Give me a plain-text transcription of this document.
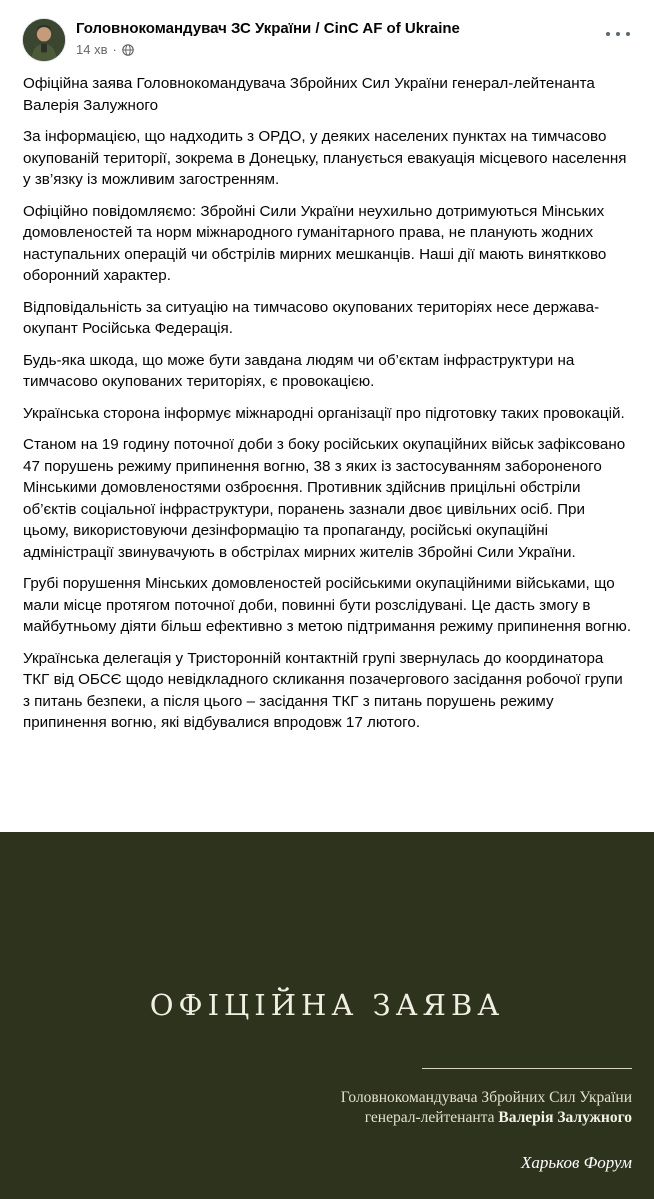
Головнокомандувач ЗС України / CinC AF of Ukraine
14 хв ·

Офіційна заява Головнокомандувача Збройних Сил України генерал-лейтенанта Валерія Залужного

За інформацією, що надходить з ОРДО, у деяких населених пунктах на тимчасово окупованій території, зокрема в Донецьку, планується евакуація місцевого населення у зв’язку із можливим загостренням.

Офіційно повідомляємо: Збройні Сили України неухильно дотримуються Мінських домовленостей та норм міжнародного гуманітарного права, не планують жодних наступальних операцій чи обстрілів мирних мешканців. Наші дії мають виняткково оборонний характер.

Відповідальність за ситуацію на тимчасово окупованих територіях несе держава-окупант Російська Федерація.

Будь-яка шкода, що може бути завдана людям чи об’єктам інфраструктури на тимчасово окупованих територіях, є провокацією.

Українська сторона інформує міжнародні організації про підготовку таких провокацій.

Станом на 19 годину поточної доби з боку російських окупаційних військ зафіксовано 47 порушень режиму припинення вогню, 38 з яких із застосуванням забороненого Мінськими домовленостями озброєння. Противник здійснив прицільні обстріли об’єктів соціальної інфраструктури, поранень зазнали двоє цивільних осіб. При цьому, використовуючи дезінформацію та пропаганду, російські окупаційні адміністрації звинувачують в обстрілах мирних жителів Збройні Сили України.

Грубі порушення Мінських домовленостей російськими окупаційними військами, що мали місце протягом поточної доби, повинні бути розслідувані. Це дасть змогу в майбутньому діяти більш ефективно з метою підтримання режиму припинення вогню.

Українська делегація у Тристоронній контактній групі звернулась до координатора ТКГ від ОБСЄ щодо невідкладного скликання позачергового засідання робочої групи з питань безпеки, а після цього – засідання ТКГ з питань порушень режиму припинення вогню, які відбувалися впродовж 17 лютого.

ОФІЦІЙНА ЗАЯВА
Головнокомандувача Збройних Сил України
генерал-лейтенанта Валерія Залужного
Харьков Форум
